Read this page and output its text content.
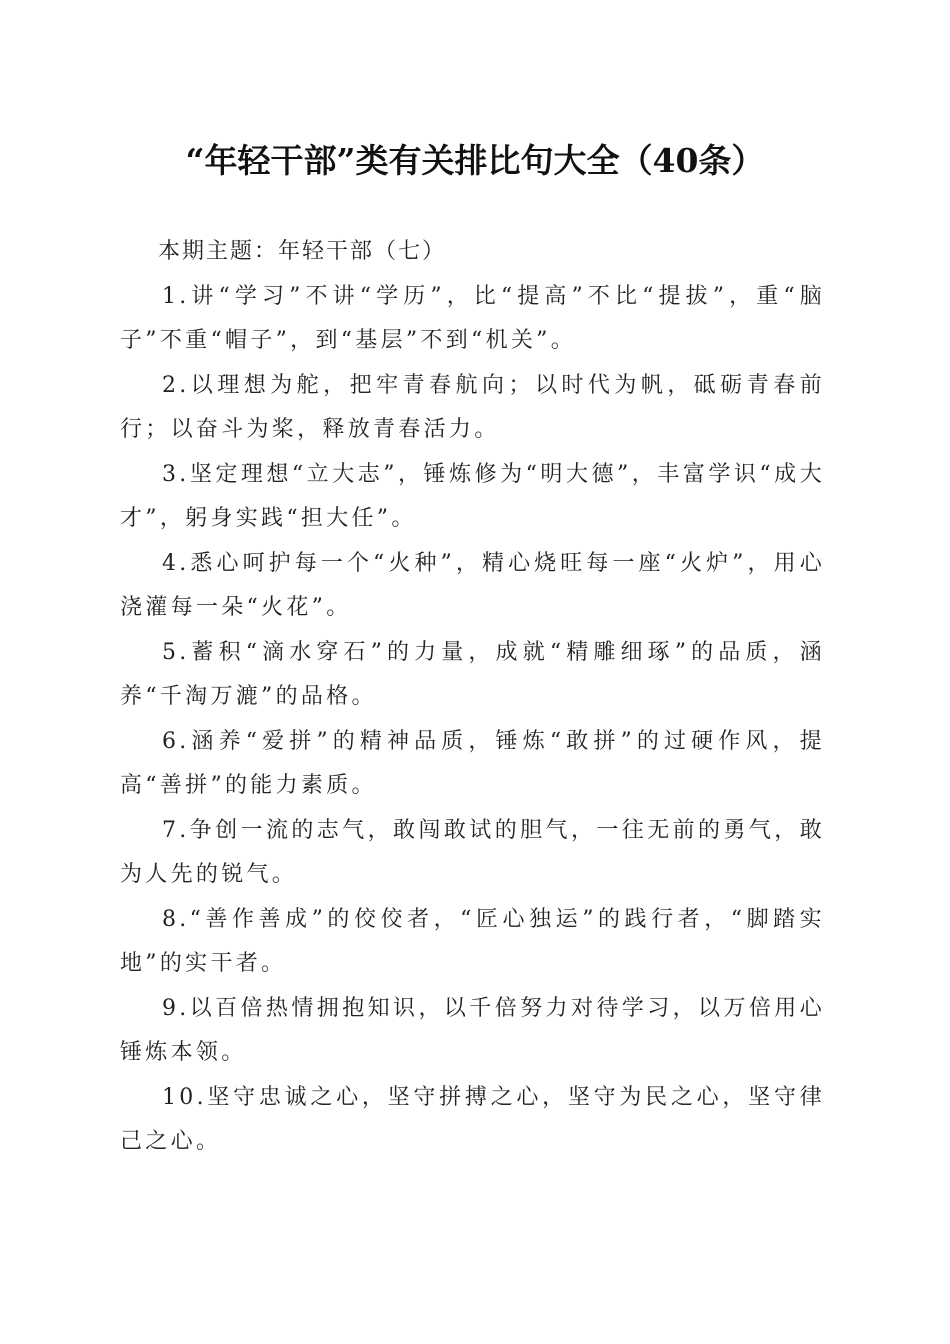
“年轻干部”类有关排比句大全（40条）

本期主题：年轻干部（七）

1.讲“学习”不讲“学历”，比“提高”不比“提拔”，重“脑子”不重“帽子”，到“基层”不到“机关”。

2.以理想为舵，把牢青春航向；以时代为帆，砥砺青春前行；以奋斗为桨，释放青春活力。

3.坚定理想“立大志”，锤炼修为“明大德”，丰富学识“成大才”，躬身实践“担大任”。

4.悉心呵护每一个“火种”，精心烧旺每一座“火炉”，用心浇灌每一朵“火花”。

5.蓄积“滴水穿石”的力量，成就“精雕细琢”的品质，涵养“千淘万漉”的品格。

6.涵养“爱拼”的精神品质，锤炼“敢拼”的过硬作风，提高“善拼”的能力素质。

7.争创一流的志气，敢闯敢试的胆气，一往无前的勇气，敢为人先的锐气。

8.“善作善成”的佼佼者，“匠心独运”的践行者，“脚踏实地”的实干者。

9.以百倍热情拥抱知识，以千倍努力对待学习，以万倍用心锤炼本领。

10.坚守忠诚之心，坚守拼搏之心，坚守为民之心，坚守律己之心。
